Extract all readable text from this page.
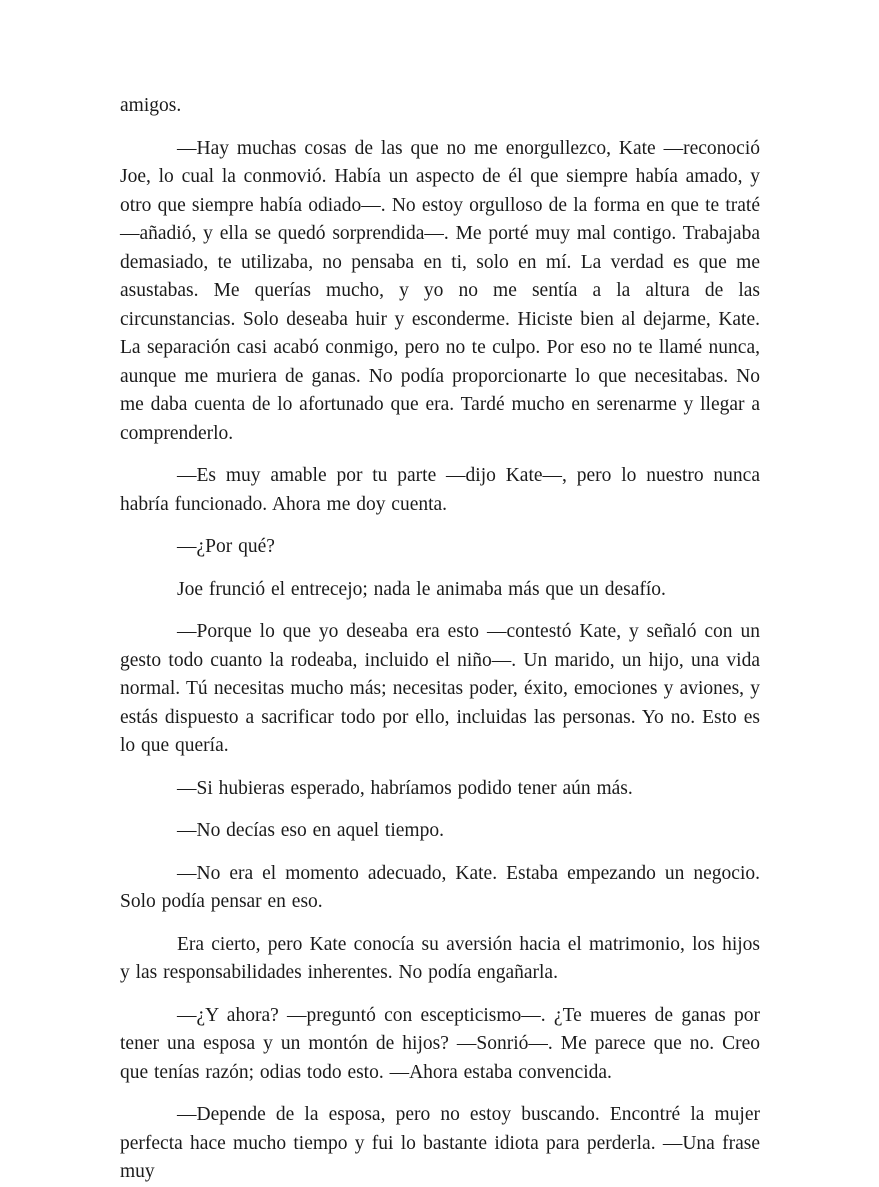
amigos.

—Hay muchas cosas de las que no me enorgullezco, Kate —reconoció Joe, lo cual la conmovió. Había un aspecto de él que siempre había amado, y otro que siempre había odiado—. No estoy orgulloso de la forma en que te traté —añadió, y ella se quedó sorprendida—. Me porté muy mal contigo. Trabajaba demasiado, te utilizaba, no pensaba en ti, solo en mí. La verdad es que me asustabas. Me querías mucho, y yo no me sentía a la altura de las circunstancias. Solo deseaba huir y esconderme. Hiciste bien al dejarme, Kate. La separación casi acabó conmigo, pero no te culpo. Por eso no te llamé nunca, aunque me muriera de ganas. No podía proporcionarte lo que necesitabas. No me daba cuenta de lo afortunado que era. Tardé mucho en serenarme y llegar a comprenderlo.

—Es muy amable por tu parte —dijo Kate—, pero lo nuestro nunca habría funcionado. Ahora me doy cuenta.

—¿Por qué?

Joe frunció el entrecejo; nada le animaba más que un desafío.

—Porque lo que yo deseaba era esto —contestó Kate, y señaló con un gesto todo cuanto la rodeaba, incluido el niño—. Un marido, un hijo, una vida normal. Tú necesitas mucho más; necesitas poder, éxito, emociones y aviones, y estás dispuesto a sacrificar todo por ello, incluidas las personas. Yo no. Esto es lo que quería.

—Si hubieras esperado, habríamos podido tener aún más.

—No decías eso en aquel tiempo.

—No era el momento adecuado, Kate. Estaba empezando un negocio. Solo podía pensar en eso.

Era cierto, pero Kate conocía su aversión hacia el matrimonio, los hijos y las responsabilidades inherentes. No podía engañarla.

—¿Y ahora? —preguntó con escepticismo—. ¿Te mueres de ganas por tener una esposa y un montón de hijos? —Sonrió—. Me parece que no. Creo que tenías razón; odias todo esto. —Ahora estaba convencida.

—Depende de la esposa, pero no estoy buscando. Encontré la mujer perfecta hace mucho tiempo y fui lo bastante idiota para perderla. —Una frase muy
